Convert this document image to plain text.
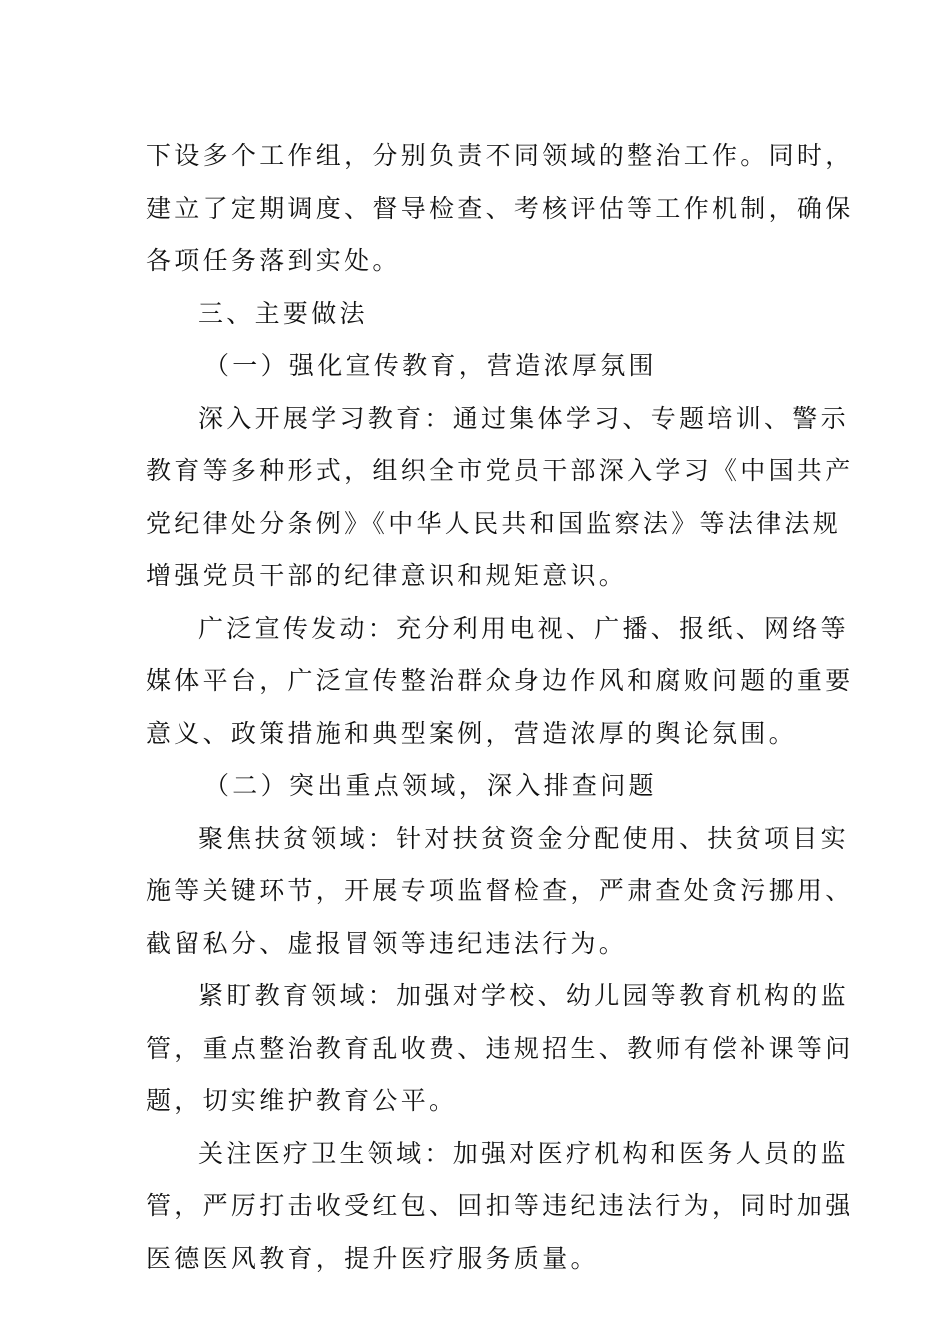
下设多个工作组，分别负责不同领域的整治工作。同时，
建立了定期调度、督导检查、考核评估等工作机制，确保
各项任务落到实处。
三、主要做法
（一）强化宣传教育，营造浓厚氛围
深入开展学习教育：通过集体学习、专题培训、警示
教育等多种形式，组织全市党员干部深入学习《中国共产
党纪律处分条例》《中华人民共和国监察法》等法律法规
增强党员干部的纪律意识和规矩意识。
广泛宣传发动：充分利用电视、广播、报纸、网络等
媒体平台，广泛宣传整治群众身边作风和腐败问题的重要
意义、政策措施和典型案例，营造浓厚的舆论氛围。
（二）突出重点领域，深入排查问题
聚焦扶贫领域：针对扶贫资金分配使用、扶贫项目实
施等关键环节，开展专项监督检查，严肃查处贪污挪用、
截留私分、虚报冒领等违纪违法行为。
紧盯教育领域：加强对学校、幼儿园等教育机构的监
管，重点整治教育乱收费、违规招生、教师有偿补课等问
题，切实维护教育公平。
关注医疗卫生领域：加强对医疗机构和医务人员的监
管，严厉打击收受红包、回扣等违纪违法行为，同时加强
医德医风教育，提升医疗服务质量。
